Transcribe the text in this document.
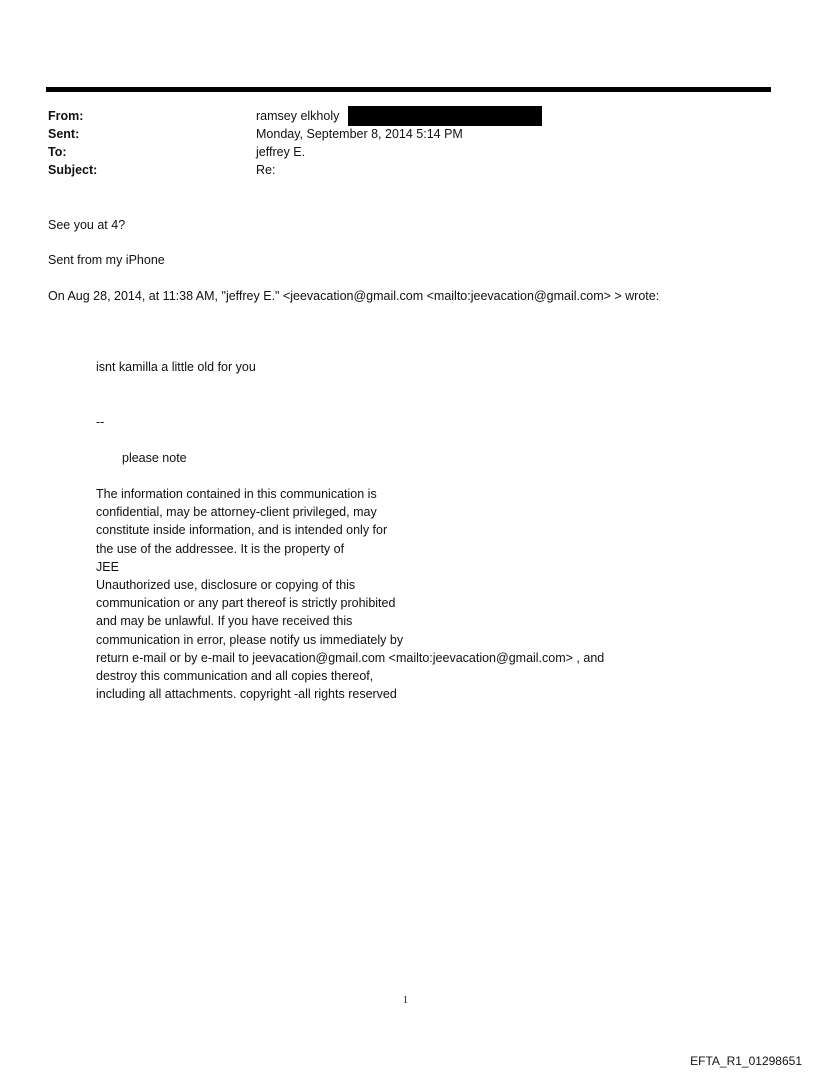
From:	ramsey elkholy
Sent:	Monday, September 8, 2014 5:14 PM
To:	jeffrey E.
Subject:	Re:
See you at 4?
Sent from my iPhone
On Aug 28, 2014, at 11:38 AM, "jeffrey E." <jeevacation@gmail.com <mailto:jeevacation@gmail.com> > wrote:
isnt kamilla a little old for you
--
please note
The information contained in this communication is
confidential, may be attorney-client privileged, may
constitute inside information, and is intended only for
the use of the addressee. It is the property of
JEE
Unauthorized use, disclosure or copying of this
communication or any part thereof is strictly prohibited
and may be unlawful. If you have received this
communication in error, please notify us immediately by
return e-mail or by e-mail to jeevacation@gmail.com <mailto:jeevacation@gmail.com> , and
destroy this communication and all copies thereof,
including all attachments. copyright -all rights reserved
1
EFTA_R1_01298651
